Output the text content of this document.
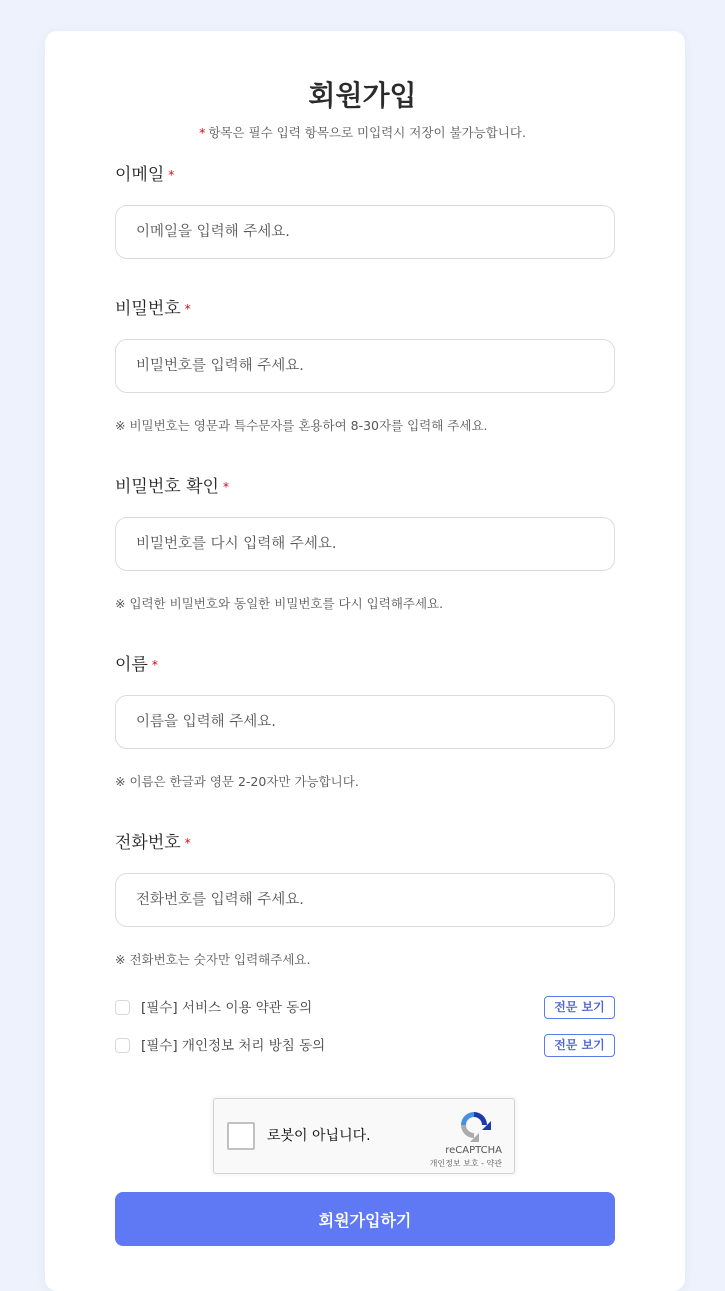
회원가입
* 항목은 필수 입력 항목으로 미입력시 저장이 불가능합니다.
이메일 *
이메일을 입력해 주세요.
비밀번호 *
※ 비밀번호는 영문과 특수문자를 혼용하여 8-30자를 입력해 주세요.
비밀번호 확인 *
※ 입력한 비밀번호와 동일한 비밀번호를 다시 입력해주세요.
이름 *
이름을 입력해 주세요.
※ 이름은 한글과 영문 2-20자만 가능합니다.
전화번호 *
전화번호를 입력해 주세요.
※ 전화번호는 숫자만 입력해주세요.
[필수] 서비스 이용 약관 동의	전문 보기
[필수] 개인정보 처리 방침 동의	전문 보기
로봇이 아닙니다.
reCAPTCHA
개인정보 보호 - 약관
회원가입하기
